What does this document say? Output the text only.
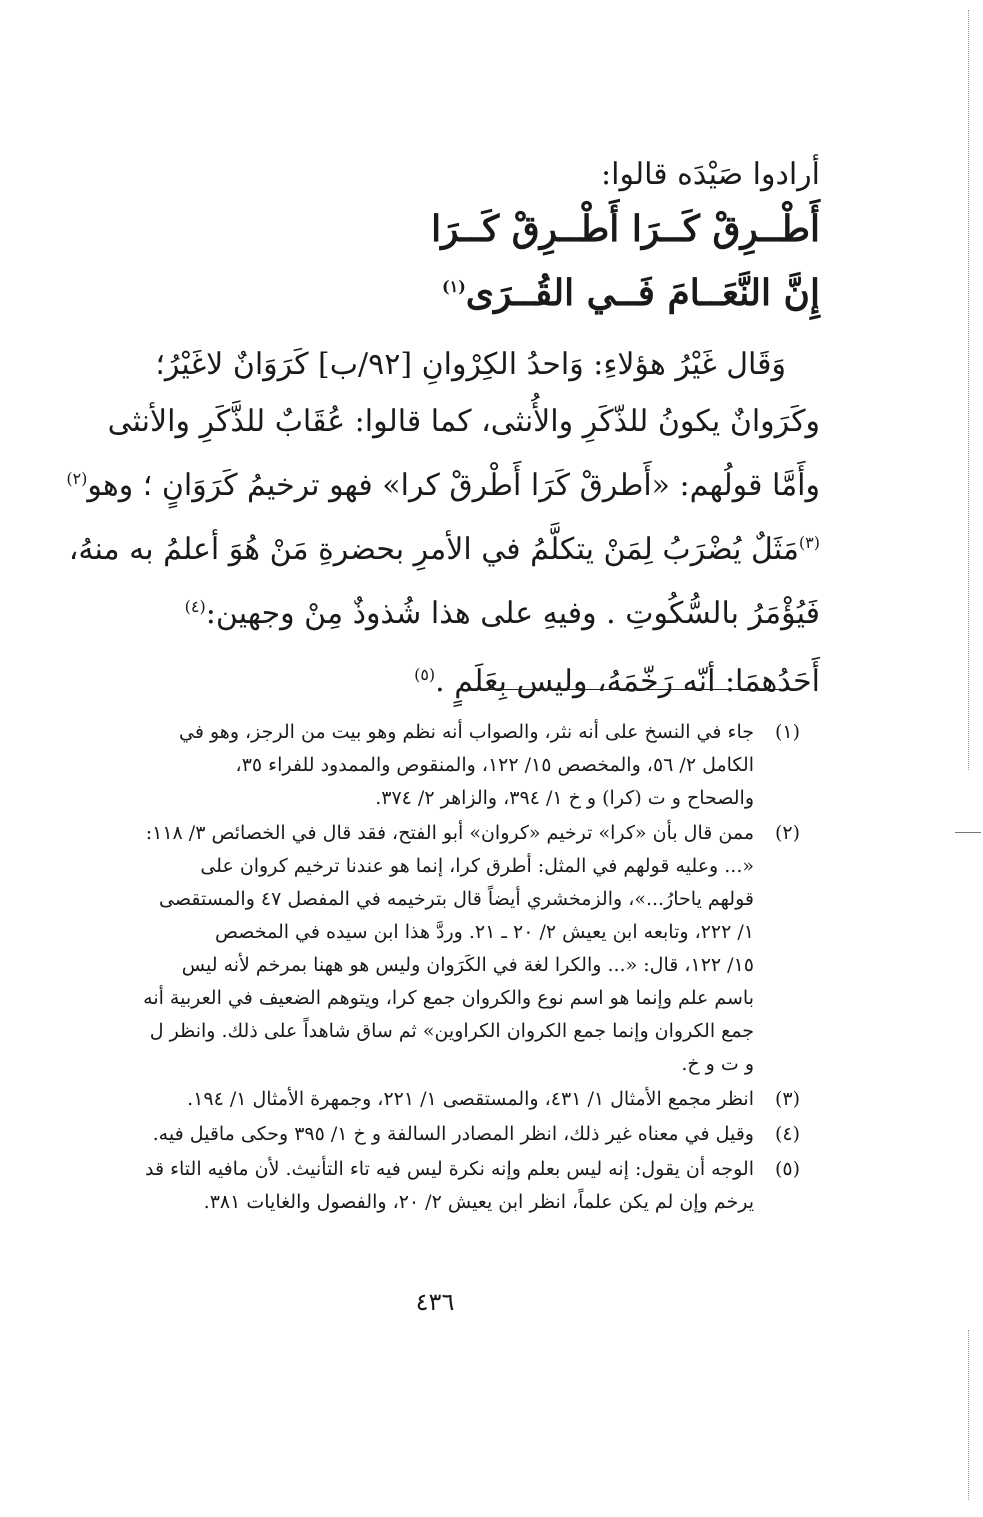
أرادوا صَيْدَه قالوا:
أَطْــرِقْ كَــرَا أَطْــرِقْ كَــرَا
إِنَّ النَّعَــامَ فَــي القُــرَى$^{(١)}$
وَقَال غَيْرُ هؤلاءِ: وَاحدُ الكِرْوانِ [٩٢/ب] كَرَوَانٌ لاغَيْرُ؛
وكَرَوانٌ يكونُ للذّكَرِ والأُنثى، كما قالوا: عُقَابٌ للذَّكَرِ والأنثى
وأَمَّا قولُهم: «أَطرقْ كَرَا أَطْرقْ كرا» فهو ترخيمُ كَرَوَانٍ ؛ وهو$^{(٢)}$
$^{(٣)}$مَثَلٌ يُضْرَبُ لِمَنْ يتكلَّمُ في الأمرِ بحضرةِ مَنْ هُوَ أعلمُ به منهُ،
فَيُؤْمَرُ بالسُّكُوتِ . وفيهِ على هذا شُذوذٌ مِنْ وجهين:$^{(٤)}$
أَحَدُهمَا: أنّه رَخّمَهُ، وليس بِعَلَمٍ .$^{(٥)}$
(١)
جاء في النسخ على أنه نثر، والصواب أنه نظم وهو بيت من الرجز، وهو في
الكامل ٢/ ٥٦، والمخصص ١٥/ ١٢٢، والمنقوص والممدود للفراء ٣٥،
والصحاح و ت (كرا) و خ ١/ ٣٩٤، والزاهر ٢/ ٣٧٤.
(٢)
ممن قال بأن «كرا» ترخيم «كروان» أبو الفتح، فقد قال في الخصائص ٣/ ١١٨:
«... وعليه قولهم في المثل: أطرق كرا، إنما هو عندنا ترخيم كروان على
قولهم ياحارُ...»، والزمخشري أيضاً قال بترخيمه في المفصل ٤٧ والمستقصى
١/ ٢٢٢، وتابعه ابن يعيش ٢/ ٢٠ ـ ٢١. وردَّ هذا ابن سيده في المخصص
١٥/ ١٢٢، قال: «... والكرا لغة في الكَرَوان وليس هو ههنا بمرخم لأنه ليس
باسم علم وإنما هو اسم نوع والكروان جمع كرا، ويتوهم الضعيف في العربية أنه
جمع الكروان وإنما جمع الكروان الكراوين» ثم ساق شاهداً على ذلك. وانظر ل
و ت و خ.
(٣)
انظر مجمع الأمثال ١/ ٤٣١، والمستقصى ١/ ٢٢١، وجمهرة الأمثال ١/ ١٩٤.
(٤)
وقيل في معناه غير ذلك، انظر المصادر السالفة و خ ١/ ٣٩٥ وحكى ماقيل فيه.
(٥)
الوجه أن يقول: إنه ليس بعلم وإنه نكرة ليس فيه تاء التأنيث. لأن مافيه التاء قد
يرخم وإن لم يكن علماً، انظر ابن يعيش ٢/ ٢٠، والفصول والغايات ٣٨١.
٤٣٦
